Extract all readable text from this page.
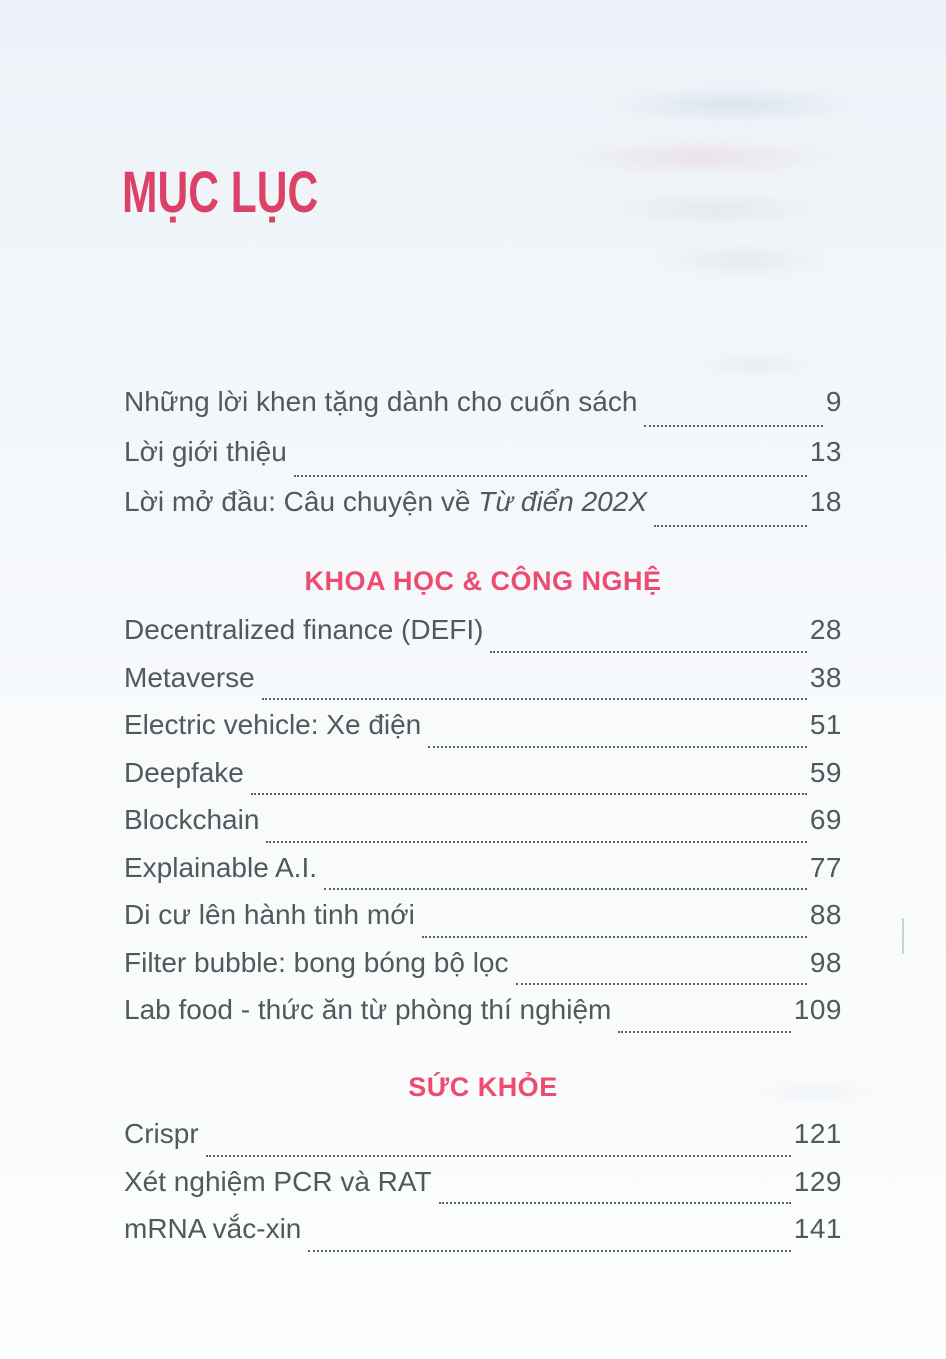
MỤC LỤC
Những lời khen tặng dành cho cuốn sách	9
Lời giới thiệu	13
Lời mở đầu: Câu chuyện về Từ điển 202X	18
KHOA HỌC & CÔNG NGHỆ
Decentralized finance (DEFI)	28
Metaverse	38
Electric vehicle: Xe điện	51
Deepfake	59
Blockchain	69
Explainable A.I.	77
Di cư lên hành tinh mới	88
Filter bubble: bong bóng bộ lọc	98
Lab food - thức ăn từ phòng thí nghiệm	109
SỨC KHỎE
Crispr	121
Xét nghiệm PCR và RAT	129
mRNA vắc-xin	141
